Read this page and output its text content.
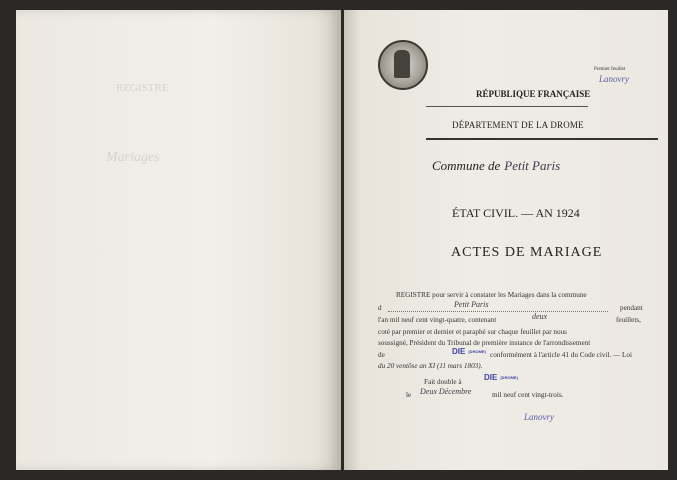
REGISTRE
Mariages
Premier feuillet
Lanovry
RÉPUBLIQUE FRANÇAISE
DÉPARTEMENT DE LA DROME
Commune de Petit Paris
ÉTAT CIVIL. — AN 1924
ACTES DE MARIAGE
REGISTRE pour servir à constater les Mariages dans la commune
d	Petit Paris	pendant
l'an mil neuf cent vingt-quatre, contenant	deux	feuillets,
coté par premier et dernier et paraphé sur chaque feuillet par nous
soussigné, Président du Tribunal de première instance de l'arrondissement
de	DIE (DROME) conformément à l'article 41 du Code civil. — Loi
du 20 ventôse an XI (11 mars 1803).
Fait double à	DIE (DROME)
le Deux Décembre	mil neuf cent vingt-trois.
Lanovry
